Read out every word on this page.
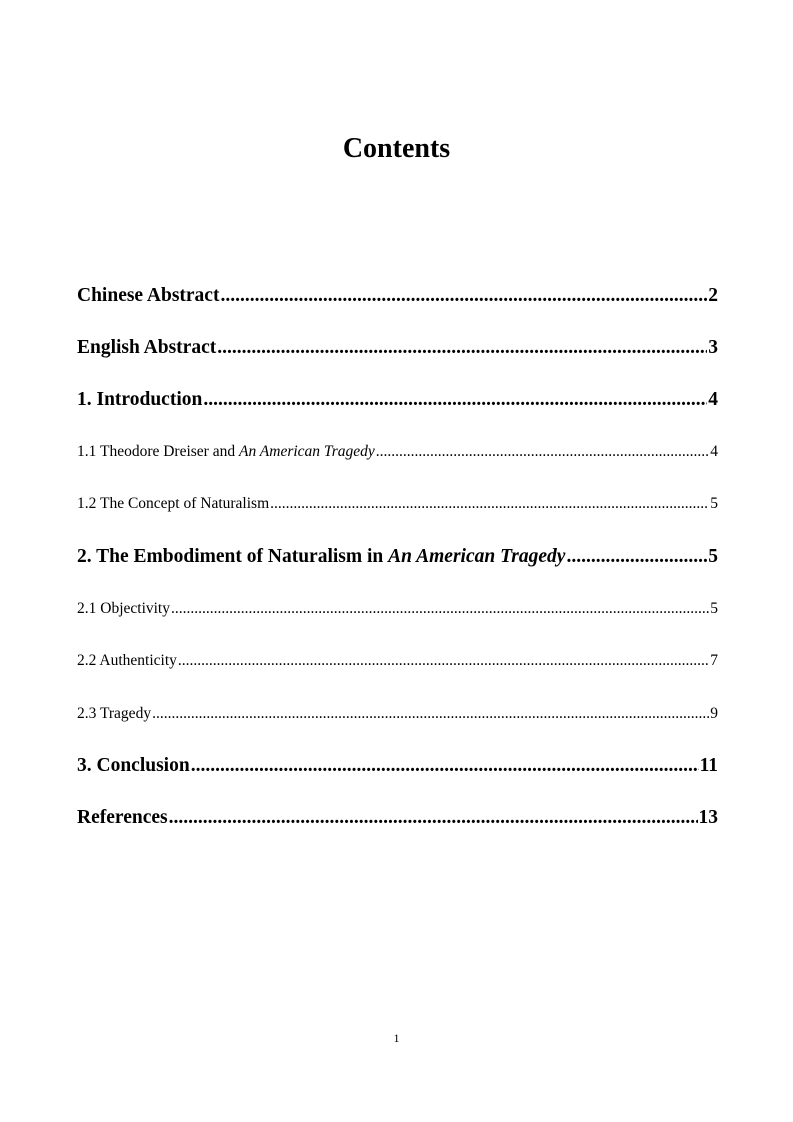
Contents
Chinese Abstract .....	2
English Abstract .....	3
1. Introduction .....	4
1.1 Theodore Dreiser and An American Tragedy .....	4
1.2 The Concept of Naturalism .....	5
2. The Embodiment of Naturalism in An American Tragedy .....	5
2.1 Objectivity .....	5
2.2 Authenticity .....	7
2.3 Tragedy .....	9
3. Conclusion .....	11
References .....	13
1
